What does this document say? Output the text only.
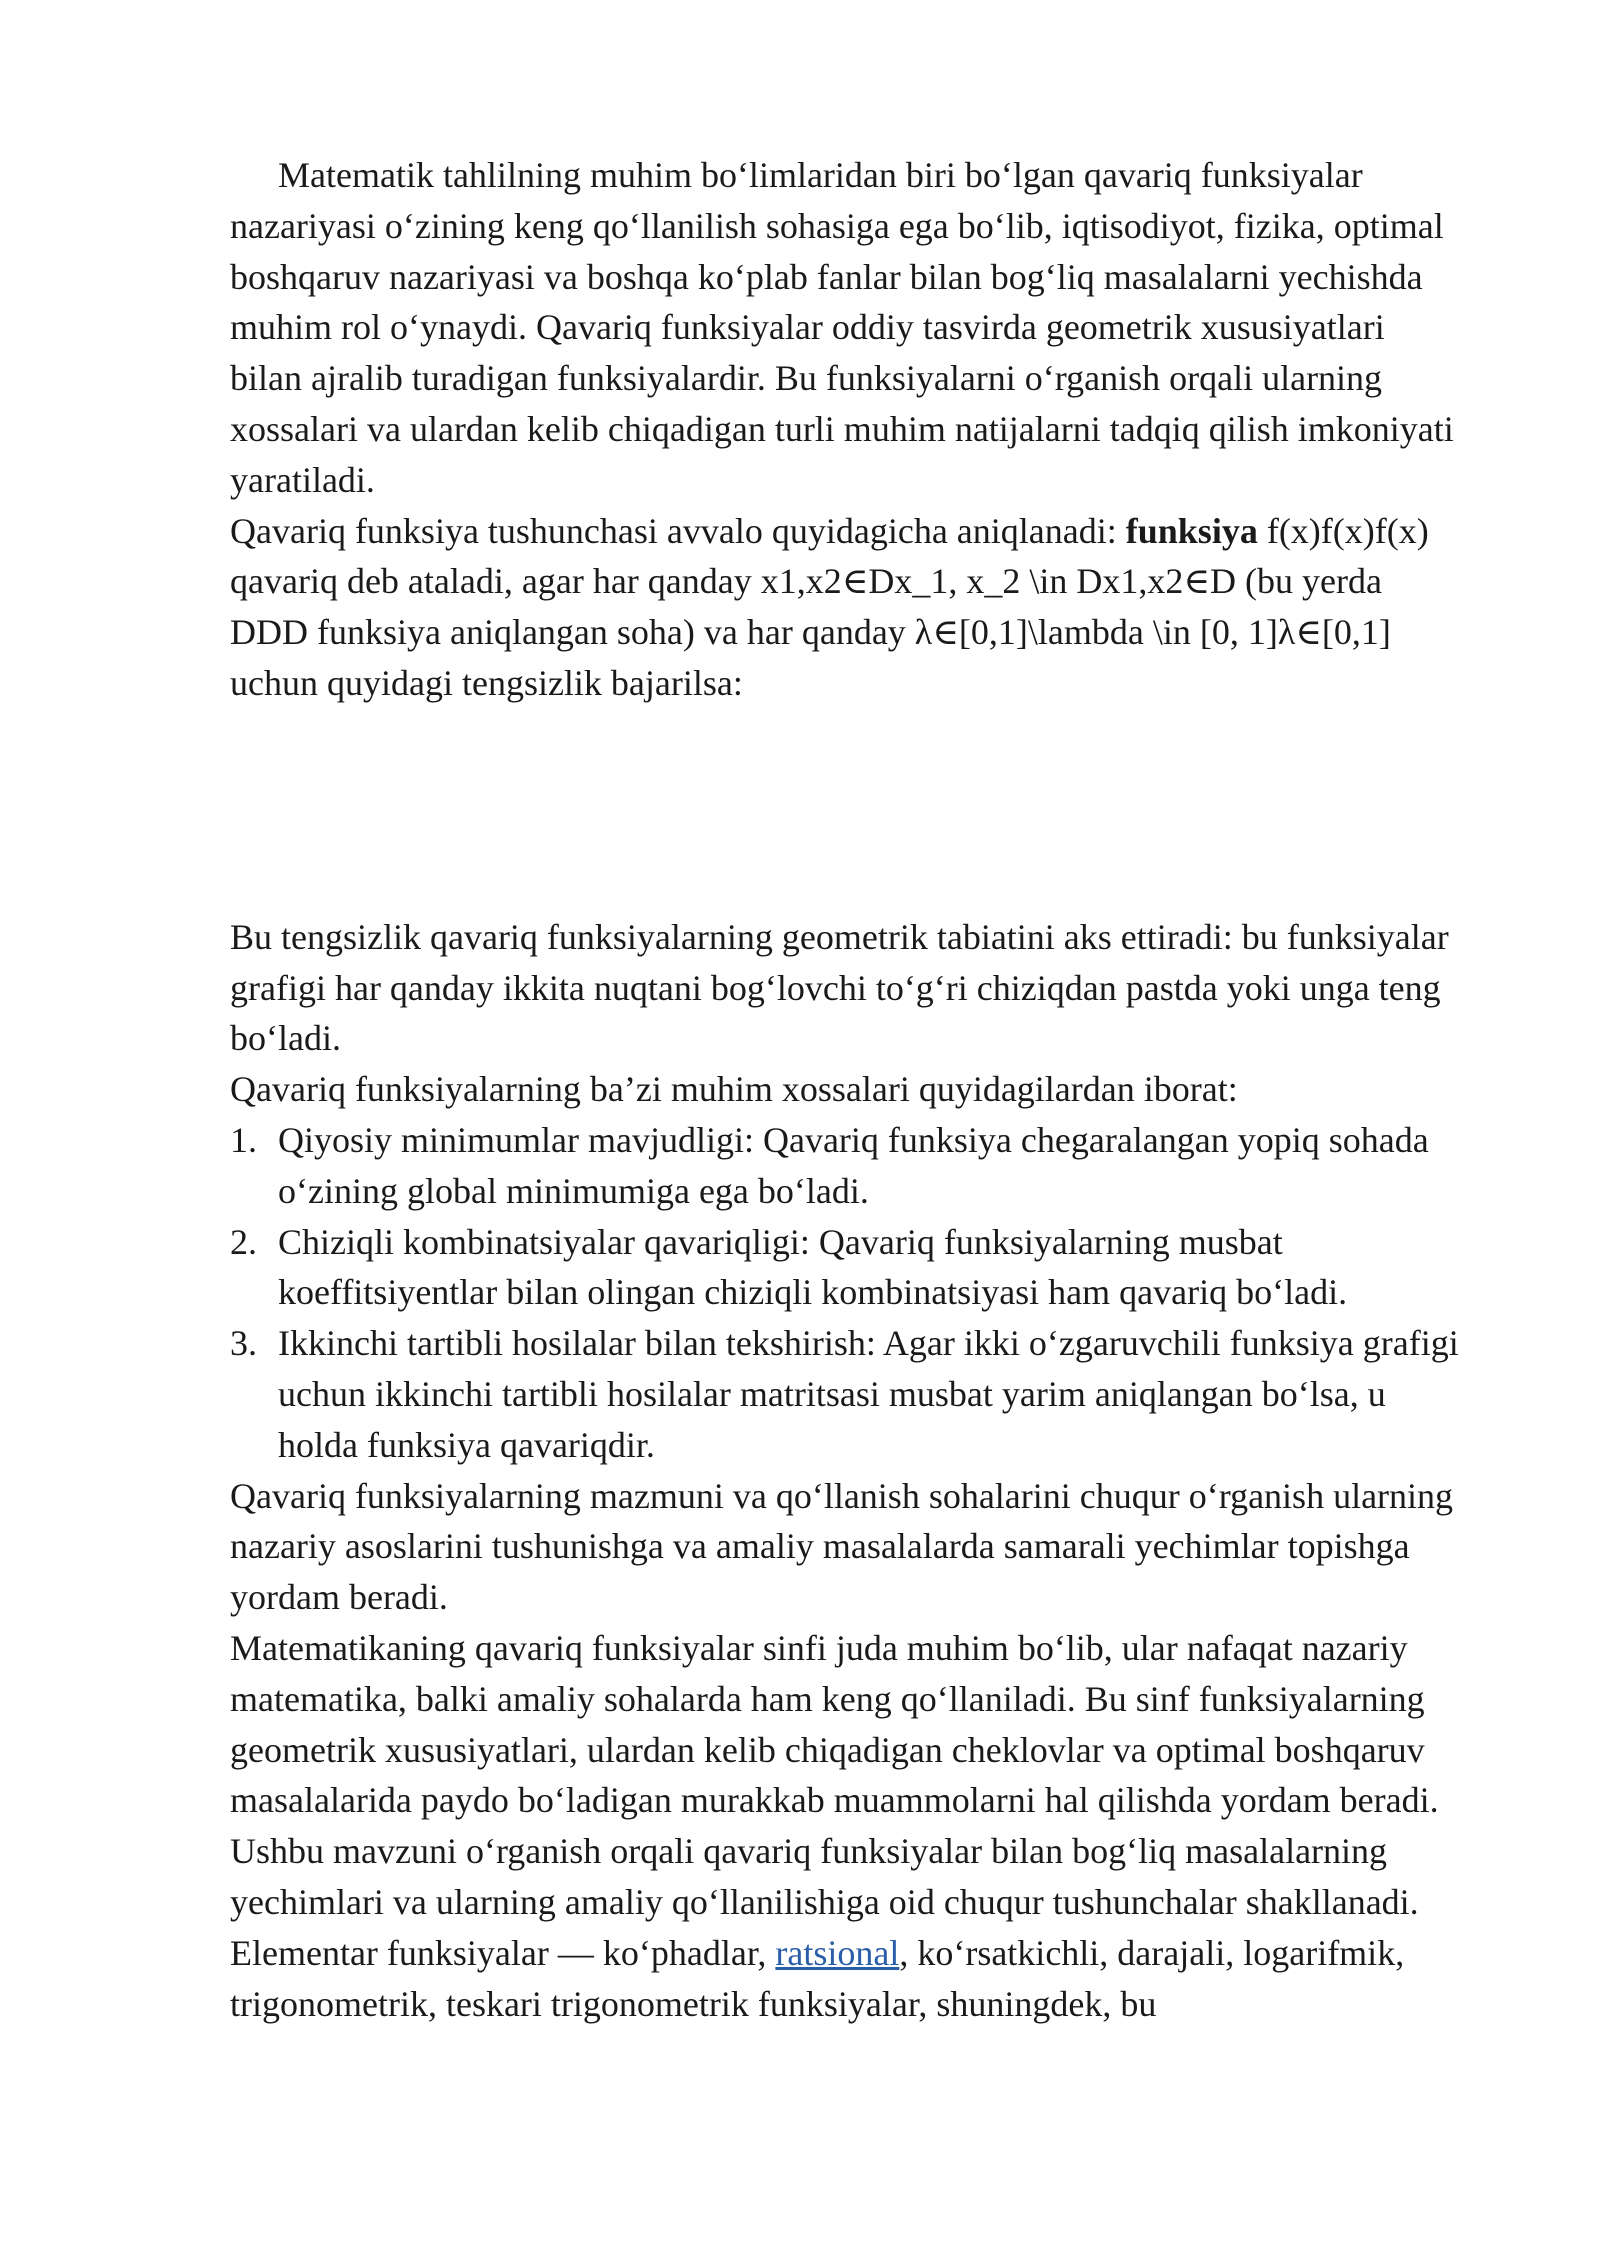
Matematik tahlilning muhim bo‘limlaridan biri bo‘lgan qavariq funksiyalar nazariyasi o‘zining keng qo‘llanilish sohasiga ega bo‘lib, iqtisodiyot, fizika, optimal boshqaruv nazariyasi va boshqa ko‘plab fanlar bilan bog‘liq masalalarni yechishda muhim rol o‘ynaydi. Qavariq funksiyalar oddiy tasvirda geometrik xususiyatlari bilan ajralib turadigan funksiyalardir. Bu funksiyalarni o‘rganish orqali ularning xossalari va ulardan kelib chiqadigan turli muhim natijalarni tadqiq qilish imkoniyati yaratiladi.

Qavariq funksiya tushunchasi avvalo quyidagicha aniqlanadi: funksiya f(x)f(x)f(x) qavariq deb ataladi, agar har qanday x1,x2∈Dx_1, x_2 \in Dx1,x2∈D (bu yerda DDD funksiya aniqlangan soha) va har qanday λ∈[0,1]\lambda \in [0, 1]λ∈[0,1] uchun quyidagi tengsizlik bajarilsa:

Bu tengsizlik qavariq funksiyalarning geometrik tabiatini aks ettiradi: bu funksiyalar grafigi har qanday ikkita nuqtani bog‘lovchi to‘g‘ri chiziqdan pastda yoki unga teng bo‘ladi.

Qavariq funksiyalarning ba’zi muhim xossalari quyidagilardan iborat:

1. Qiyosiy minimumlar mavjudligi: Qavariq funksiya chegaralangan yopiq sohada o‘zining global minimumiga ega bo‘ladi.
2. Chiziqli kombinatsiyalar qavariqligi: Qavariq funksiyalarning musbat koeffitsiyentlar bilan olingan chiziqli kombinatsiyasi ham qavariq bo‘ladi.
3. Ikkinchi tartibli hosilalar bilan tekshirish: Agar ikki o‘zgaruvchili funksiya grafigi uchun ikkinchi tartibli hosilalar matritsasi musbat yarim aniqlangan bo‘lsa, u holda funksiya qavariqdir.

Qavariq funksiyalarning mazmuni va qo‘llanish sohalarini chuqur o‘rganish ularning nazariy asoslarini tushunishga va amaliy masalalarda samarali yechimlar topishga yordam beradi.

Matematikaning qavariq funksiyalar sinfi juda muhim bo‘lib, ular nafaqat nazariy matematika, balki amaliy sohalarda ham keng qo‘llaniladi. Bu sinf funksiyalarning geometrik xususiyatlari, ulardan kelib chiqadigan cheklovlar va optimal boshqaruv masalalarida paydo bo‘ladigan murakkab muammolarni hal qilishda yordam beradi. Ushbu mavzuni o‘rganish orqali qavariq funksiyalar bilan bog‘liq masalalarning yechimlari va ularning amaliy qo‘llanilishiga oid chuqur tushunchalar shakllanadi.

Elementar funksiyalar — ko‘phadlar, ratsional, ko‘rsatkichli, darajali, logarifmik, trigonometrik, teskari trigonometrik funksiyalar, shuningdek, bu
